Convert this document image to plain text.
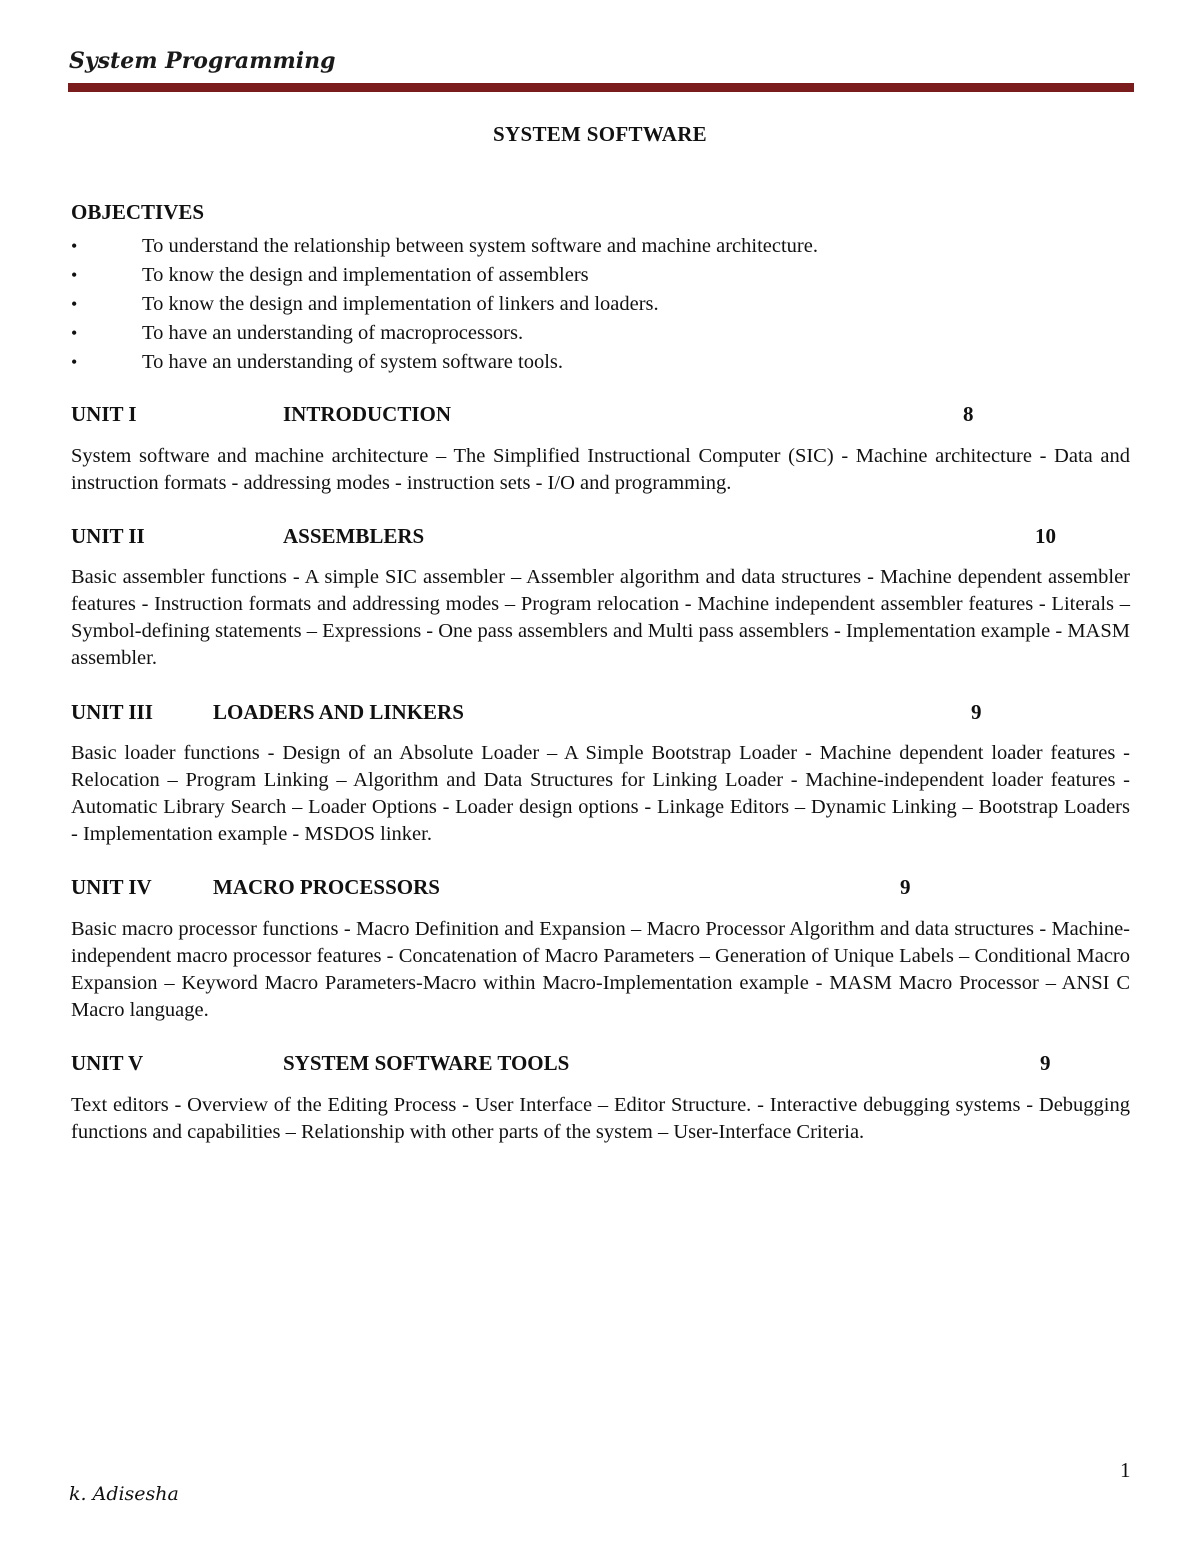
System Programming
SYSTEM SOFTWARE
OBJECTIVES
•	To understand the relationship between system software and machine architecture.
•	To know the design and implementation of assemblers
•	To know the design and implementation of linkers and loaders.
•	To have an understanding of macroprocessors.
•	To have an understanding of system software tools.
UNIT I	INTRODUCTION	8

System software and machine architecture – The Simplified Instructional Computer (SIC) - Machine architecture - Data and instruction formats - addressing modes - instruction sets - I/O and programming.

UNIT II	ASSEMBLERS	10

Basic assembler functions - A simple SIC assembler – Assembler algorithm and data structures - Machine dependent assembler features - Instruction formats and addressing modes – Program relocation - Machine independent assembler features - Literals – Symbol-defining statements – Expressions - One pass assemblers and Multi pass assemblers - Implementation example - MASM assembler.

UNIT III	LOADERS AND LINKERS	9

Basic loader functions - Design of an Absolute Loader – A Simple Bootstrap Loader - Machine dependent loader features - Relocation – Program Linking – Algorithm and Data Structures for Linking Loader - Machine-independent loader features - Automatic Library Search – Loader Options - Loader design options - Linkage Editors – Dynamic Linking – Bootstrap Loaders - Implementation example - MSDOS linker.

UNIT IV	MACRO PROCESSORS	9

Basic macro processor functions - Macro Definition and Expansion – Macro Processor Algorithm and data structures - Machine-independent macro processor features - Concatenation of Macro Parameters – Generation of Unique Labels – Conditional Macro Expansion – Keyword Macro Parameters-Macro within Macro-Implementation example - MASM Macro Processor – ANSI C Macro language.

UNIT V	SYSTEM SOFTWARE TOOLS	9

Text editors - Overview of the Editing Process - User Interface – Editor Structure. - Interactive debugging systems - Debugging functions and capabilities – Relationship with other parts of the system – User-Interface Criteria.

1
k. Adisesha
